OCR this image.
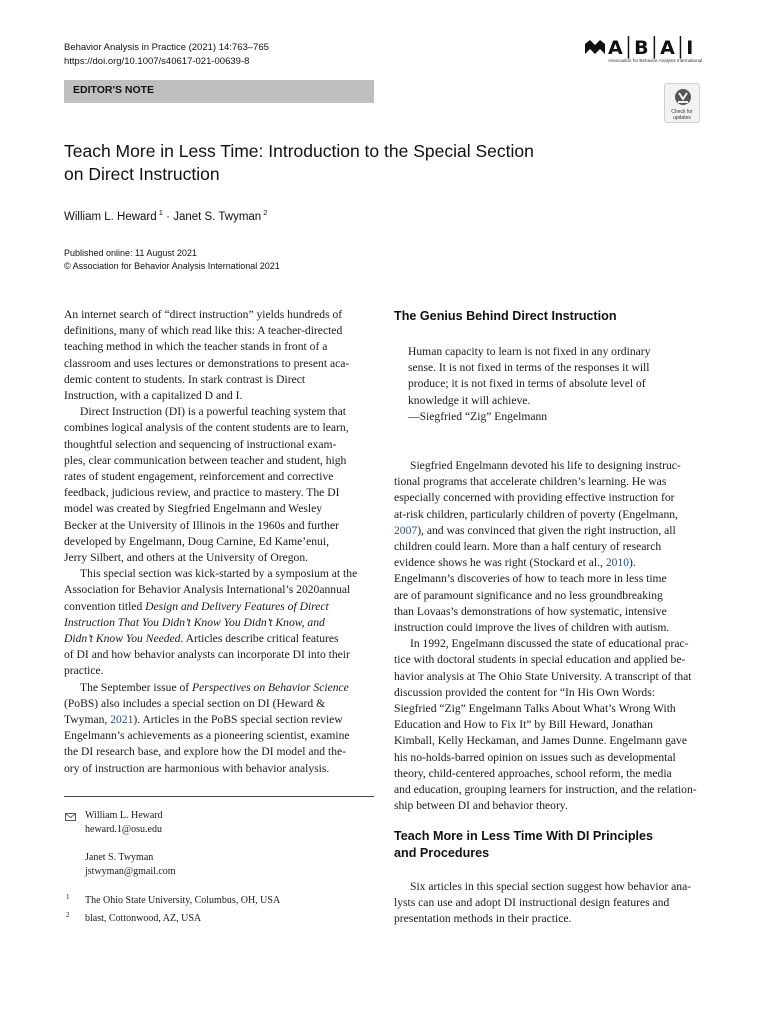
Behavior Analysis in Practice (2021) 14:763–765
https://doi.org/10.1007/s40617-021-00639-8
A│B│A│I
Association for Behavior Analysis International
EDITOR'S NOTE
Check for
updates
Teach More in Less Time: Introduction to the Special Section
on Direct Instruction
William L. Heward $^1$ · Janet S. Twyman $^2$
Published online: 11 August 2021
© Association for Behavior Analysis International 2021
An internet search of “direct instruction” yields hundreds of
definitions, many of which read like this: A teacher-directed
teaching method in which the teacher stands in front of a
classroom and uses lectures or demonstrations to present aca-
demic content to students. In stark contrast is Direct
Instruction, with a capitalized D and I.
Direct Instruction (DI) is a powerful teaching system that
combines logical analysis of the content students are to learn,
thoughtful selection and sequencing of instructional exam-
ples, clear communication between teacher and student, high
rates of student engagement, reinforcement and corrective
feedback, judicious review, and practice to mastery. The DI
model was created by Siegfried Engelmann and Wesley
Becker at the University of Illinois in the 1960s and further
developed by Engelmann, Doug Carnine, Ed Kame’enui,
Jerry Silbert, and others at the University of Oregon.
This special section was kick-started by a symposium at the
Association for Behavior Analysis International’s 2020annual
convention titled Design and Delivery Features of Direct
Instruction That You Didn’t Know You Didn’t Know, and
Didn’t Know You Needed. Articles describe critical features
of DI and how behavior analysts can incorporate DI into their
practice.
The September issue of Perspectives on Behavior Science
(PoBS) also includes a special section on DI (Heward &
Twyman, 2021). Articles in the PoBS special section review
Engelmann’s achievements as a pioneering scientist, examine
the DI research base, and explore how the DI model and the-
ory of instruction are harmonious with behavior analysis.
William L. Heward
heward.1@osu.edu
Janet S. Twyman
jstwyman@gmail.com
1 The Ohio State University, Columbus, OH, USA
2 blast, Cottonwood, AZ, USA
The Genius Behind Direct Instruction
Human capacity to learn is not fixed in any ordinary
sense. It is not fixed in terms of the responses it will
produce; it is not fixed in terms of absolute level of
knowledge it will achieve.
—Siegfried “Zig” Engelmann
Siegfried Engelmann devoted his life to designing instruc-
tional programs that accelerate children’s learning. He was
especially concerned with providing effective instruction for
at-risk children, particularly children of poverty (Engelmann,
2007), and was convinced that given the right instruction, all
children could learn. More than a half century of research
evidence shows he was right (Stockard et al., 2010).
Engelmann’s discoveries of how to teach more in less time
are of paramount significance and no less groundbreaking
than Lovaas’s demonstrations of how systematic, intensive
instruction could improve the lives of children with autism.
In 1992, Engelmann discussed the state of educational prac-
tice with doctoral students in special education and applied be-
havior analysis at The Ohio State University. A transcript of that
discussion provided the content for “In His Own Words:
Siegfried “Zig” Engelmann Talks About What’s Wrong With
Education and How to Fix It” by Bill Heward, Jonathan
Kimball, Kelly Heckaman, and James Dunne. Engelmann gave
his no-holds-barred opinion on issues such as developmental
theory, child-centered approaches, school reform, the media
and education, grouping learners for instruction, and the relation-
ship between DI and behavior theory.
Teach More in Less Time With DI Principles
and Procedures
Six articles in this special section suggest how behavior ana-
lysts can use and adopt DI instructional design features and
presentation methods in their practice.
